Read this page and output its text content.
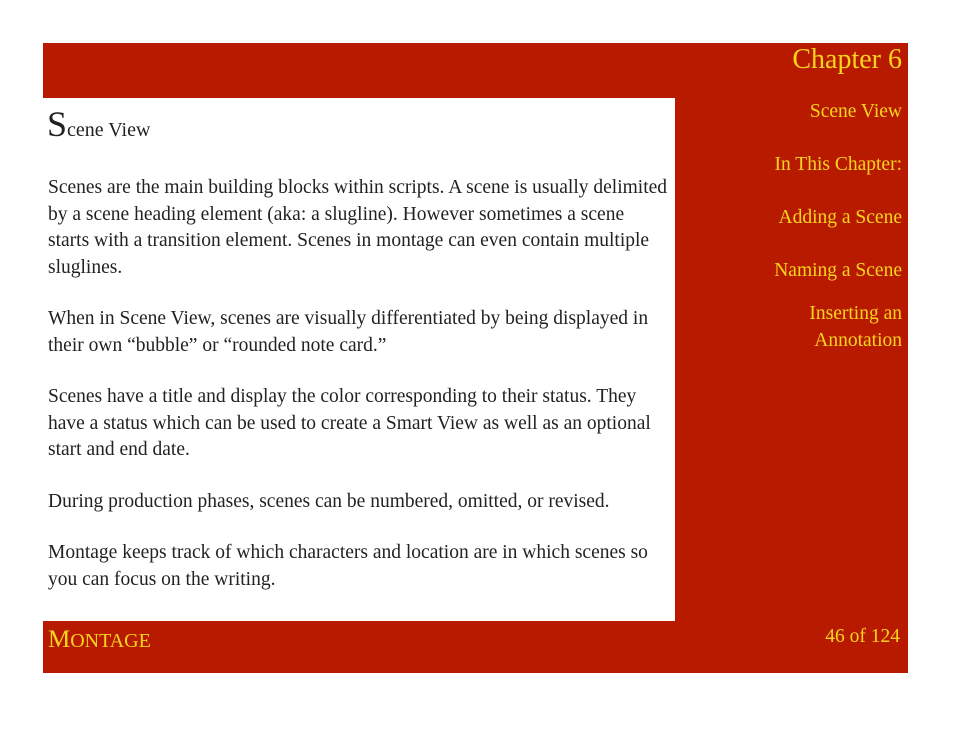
Chapter 6
Scene View

Scenes are the main building blocks within scripts. A scene is usually delimited by a scene heading element (aka: a slugline). However sometimes a scene starts with a transition element. Scenes in montage can even contain multiple sluglines.

When in Scene View, scenes are visually differentiated by being displayed in their own “bubble” or “rounded note card.”

Scenes have a title and display the color corresponding to their status. They have a status which can be used to create a Smart View as well as an optional start and end date.

During production phases, scenes can be numbered, omitted, or revised.

Montage keeps track of which characters and location are in which scenes so you can focus on the writing.

Scene View
In This Chapter:
Adding a Scene
Naming a Scene
Inserting an
Annotation
MONTAGE	46 of 124
